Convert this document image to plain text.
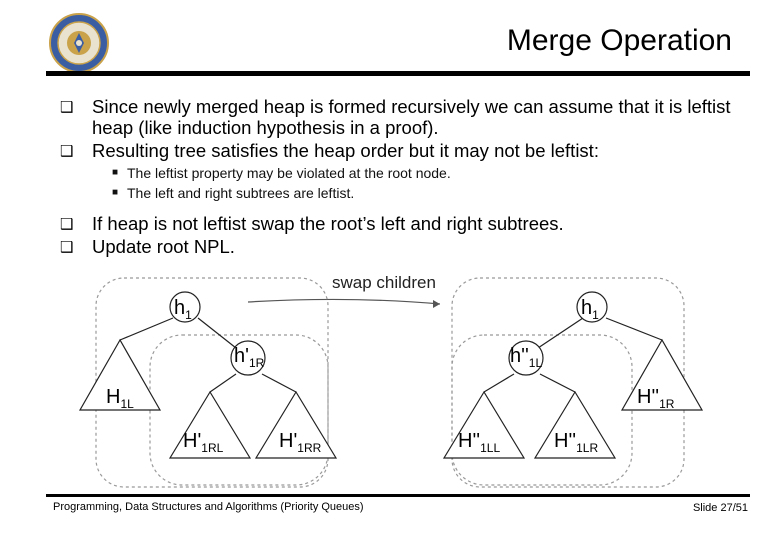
Merge Operation
❑ Since newly merged heap is formed recursively we can assume that it is leftist heap (like induction hypothesis in a proof).
❑ Resulting tree satisfies the heap order but it may not be leftist:
■ The leftist property may be violated at the root node.
■ The left and right subtrees are leftist.
❑ If heap is not leftist swap the root’s left and right subtrees.
❑ Update root NPL.
swap children
$h_1$
$h'_{1R}$
$H_{1L}$
$H'_{1RL}$	$H'_{1RR}$
$h_1$
$h''_{1L}$
$H''_{1R}$
$H''_{1LL}$	$H''_{1LR}$
Programming, Data Structures and Algorithms (Priority Queues)	Slide 27/51
